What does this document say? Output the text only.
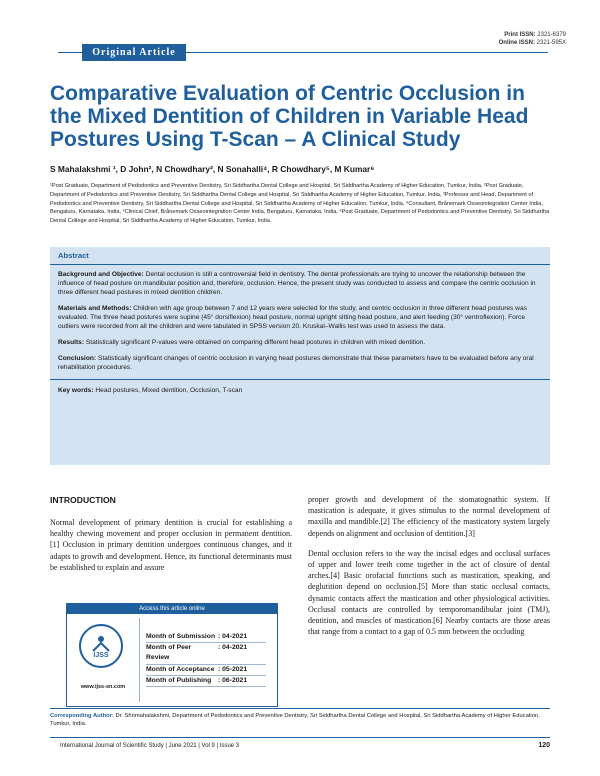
Print ISSN: 2321-6379
Online ISSN: 2321-595X
Original Article
Comparative Evaluation of Centric Occlusion in the Mixed Dentition of Children in Variable Head Postures Using T-Scan – A Clinical Study
S Mahalakshmi ¹, D John², N Chowdhary², N Sonahalli⁴, R Chowdhary⁵, M Kumar⁶
¹Post Graduate, Department of Pedodontics and Preventive Dentistry, Sri Siddhartha Dental College and Hospital, Sri Siddhartha Academy of Higher Education, Tumkur, India, ²Post Graduate, Department of Pedodontics and Preventive Dentistry, Sri Siddhartha Dental College and Hospital, Sri Siddhartha Academy of Higher Education, Tumkur, India, ³Professor and Head, Department of Pedodontics and Preventive Dentistry, Sri Siddhartha Dental College and Hospital, Sri Siddhartha Academy of Higher Education, Tumkur, India, ⁴Consultant, Brånemark Osseointegration Center India, Bengaluru, Karnataka, India, ⁵Clinical Chief, Brånemark Osseointegration Center India, Bengaluru, Karnataka, India, ⁶Post Graduate, Department of Pedodontics and Preventive Dentistry, Sri Siddhartha Dental College and Hospital, Sri Siddhartha Academy of Higher Education, Tumkur, India.
Abstract

Background and Objective: Dental occlusion is still a controversial field in dentistry. The dental professionals are trying to uncover the relationship between the influence of head posture on mandibular position and, therefore, occlusion. Hence, the present study was conducted to assess and compare the centric occlusion in three different head postures in mixed dentition children.

Materials and Methods: Children with age group between 7 and 12 years were selected for the study, and centric occlusion in three different head postures was evaluated. The three head postures were supine (45° dorsiflexion) head posture, normal upright sitting head posture, and alert feeding (30° ventroflexion). Force outliers were recorded from all the children and were tabulated in SPSS version 20. Kruskal–Wallis test was used to assess the data.

Results: Statistically significant P-values were obtained on comparing different head postures in children with mixed dentition.

Conclusion: Statistically significant changes of centric occlusion in varying head postures demonstrate that these parameters have to be evaluated before any oral rehabilitation procedures.

Key words: Head postures, Mixed dentition, Occlusion, T-scan
INTRODUCTION

Normal development of primary dentition is crucial for establishing a healthy chewing movement and proper occlusion in permanent dentition.[1] Occlusion in primary dentition undergoes continuous changes, and it adapts to growth and development. Hence, its functional determinants must be established to explain and assure

proper growth and development of the stomatognathic system. If mastication is adequate, it gives stimulus to the normal development of maxilla and mandible.[2] The efficiency of the masticatory system largely depends on alignment and occlusion of dentition.[3]

Dental occlusion refers to the way the incisal edges and occlusal surfaces of upper and lower teeth come together in the act of closure of dental arches.[4] Basic orofacial functions such as mastication, speaking, and deglutition depend on occlusion.[5] More than static occlusal contacts, dynamic contacts affect the mastication and other physiological activities. Occlusal contacts are controlled by temporomandibular joint (TMJ), dentition, and muscles of mastication.[6] Nearby contacts are those areas that range from a contact to a gap of 0.5 mm between the occluding

Access this article online
IJSS
www.ijss-sn.com
Month of Submission : 04-2021
Month of Peer Review
: 04-2021
Month of Acceptance : 05-2021
Month of Publishing : 06-2021
Corresponding Author: Dr. Shrimahalakshmi, Department of Pedodontics and Preventive Dentistry, Sri Siddhartha Dental College and Hospital, Sri Siddhartha Academy of Higher Education, Tumkur, India.
International Journal of Scientific Study | June 2021 | Vol 9 | Issue 3	120
